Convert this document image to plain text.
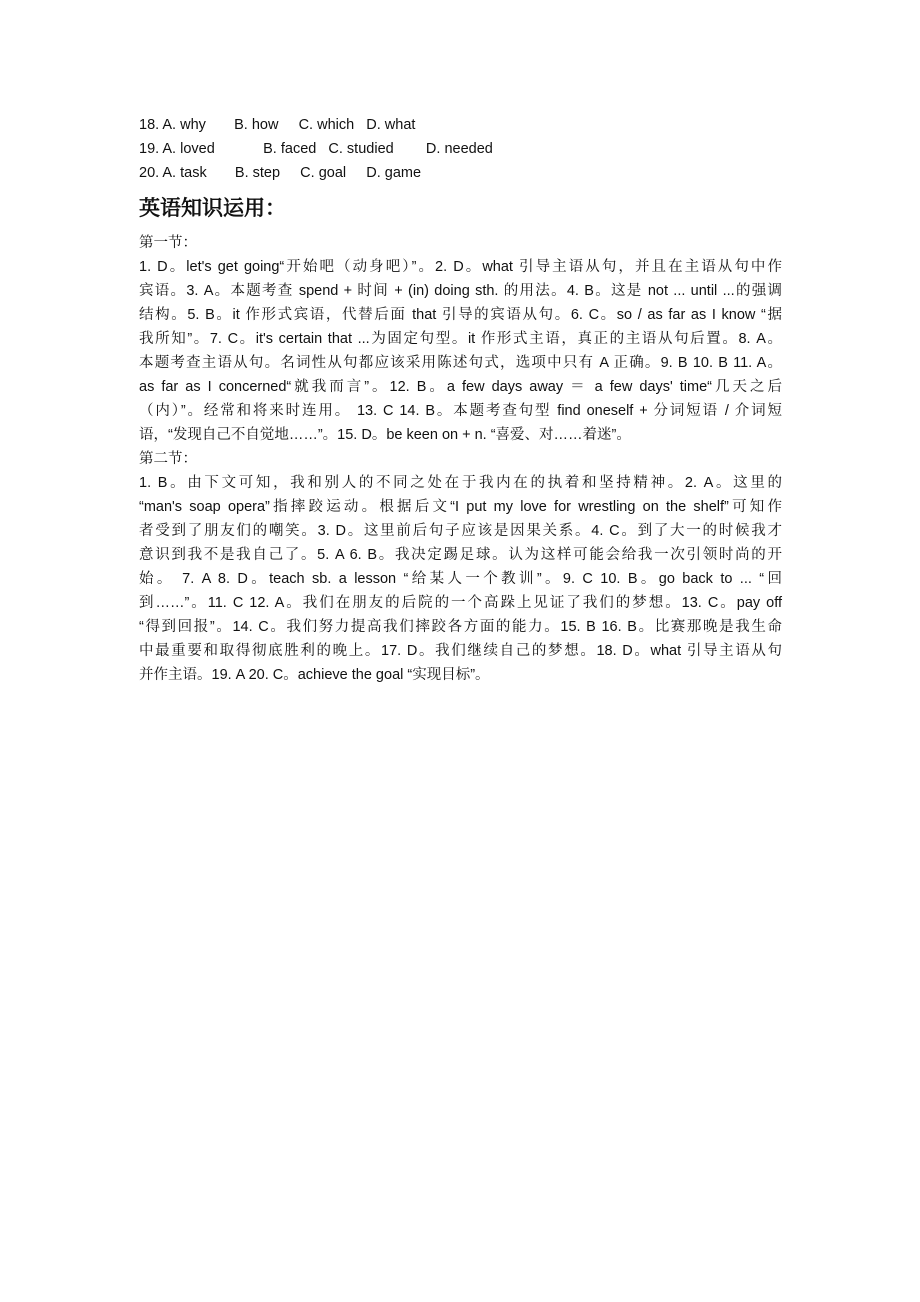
18. A. why       B. how     C. which   D. what
19. A. loved            B. faced   C. studied        D. needed
20. A. task       B. step     C. goal     D. game
英语知识运用：
第一节：
1. D。let's get going“开始吧（动身吧）”。2. D。what 引导主语从句，并且在主语从句中作
宾语。3. A。本题考查 spend + 时间 + (in) doing sth. 的用法。4. B。这是 not ... until ...的强调
结构。5. B。it 作形式宾语，代替后面 that 引导的宾语从句。6. C。so / as far as I know “据
我所知”。7. C。it's certain that ...为固定句型。it 作形式主语，真正的主语从句后置。8. A。
本题考查主语从句。名词性从句都应该采用陈述句式，选项中只有 A 正确。9. B 10. B 11. A。
as far as I concerned“就我而言”。12. B。a few days away ＝ a few days' time“几天之后
（内）”。经常和将来时连用。 13. C 14. B。本题考查句型 find oneself + 分词短语 / 介词短
语，“发现自己不自觉地……”。15. D。be keen on + n. “喜爱、对……着迷”。
第二节：
1. B。由下文可知，我和别人的不同之处在于我内在的执着和坚持精神。2. A。这里的
“man's soap opera”指摔跤运动。根据后文“I put my love for wrestling on the shelf”可知作
者受到了朋友们的嘲笑。3. D。这里前后句子应该是因果关系。4. C。到了大一的时候我才
意识到我不是我自己了。5. A 6. B。我决定踢足球。认为这样可能会给我一次引领时尚的开
始。 7. A 8. D。teach sb. a lesson “给某人一个教训”。9. C 10. B。go back to ... “回
到……”。11. C 12. A。我们在朋友的后院的一个高跺上见证了我们的梦想。13. C。pay off
“得到回报”。14. C。我们努力提高我们摔跤各方面的能力。15. B 16. B。比赛那晚是我生命
中最重要和取得彻底胜利的晚上。17. D。我们继续自己的梦想。18. D。what 引导主语从句
并作主语。19. A 20. C。achieve the goal “实现目标”。
